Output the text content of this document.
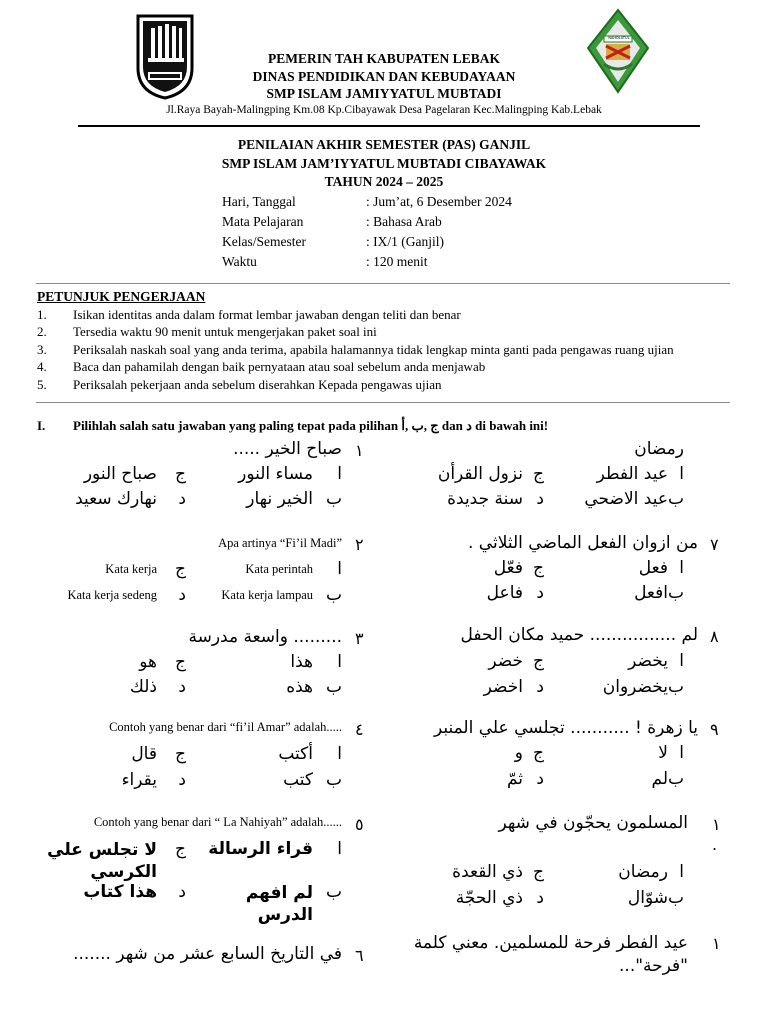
NAHDLATUL
PEMERIN TAH KABUPATEN LEBAK
DINAS PENDIDIKAN DAN KEBUDAYAAN
SMP ISLAM JAMIYYATUL MUBTADI
Jl.Raya Bayah-Malingping Km.08 Kp.Cibayawak Desa Pagelaran Kec.Malingping Kab.Lebak
PENILAIAN AKHIR SEMESTER (PAS) GANJIL
SMP ISLAM JAM’IYYATUL MUBTADI CIBAYAWAK
TAHUN 2024 – 2025
Hari, Tanggal	: Jum’at, 6 Desember 2024
Mata Pelajaran	: Bahasa Arab
Kelas/Semester	: IX/1 (Ganjil)
Waktu	: 120 menit
PETUNJUK PENGERJAAN
1. Isikan identitas anda dalam format lembar jawaban dengan teliti dan benar
2. Tersedia waktu 90 menit untuk mengerjakan paket soal ini
3. Periksalah naskah soal yang anda terima, apabila halamannya tidak lengkap minta ganti pada pengawas ruang ujian
4. Baca dan pahamilah dengan baik pernyataan atau soal sebelum anda menjawab
5. Periksalah pekerjaan anda sebelum diserahkan Kepada pengawas ujian
I. Pilihlah salah satu jawaban yang paling tepat pada pilihan ج ,ب ,أ dan د di bawah ini!
١
صباح الخير .....
ا
مساء النور
ب
الخير نهار
ج
صباح النور
د
نهارك سعيد
٢
Apa artinya “Fi’il Madi”
ا
Kata perintah
ب
Kata kerja lampau
ج
Kata kerja
د
Kata kerja sedeng
٣
......... واسعة مدرسة
ا
هذا
ب
هذه
ج
هو
د
ذلك
٤
Contoh yang benar dari “fi’il Amar” adalah.....
ا
أكتب
ب
كتب
ج
قال
د
يقراء
٥
Contoh yang benar dari “ La Nahiyah” adalah......
ا
قراء الرسالة
ب
لم افهم الدرس
ج
لا تجلس علي الكرسي
د
هذا كتاب
٦
في التاريخ السابع عشر من شهر .......
رمضان
ا
عيد الفطر
ب
عيد الاضحي
ج
نزول القرأن
د
سنة جديدة
٧
من ازوان الفعل الماضي الثلاثي .
ا
فعل
ب
افعل
ج
فعّل
د
فاعل
٨
لم ................ حميد مكان الحفل
ا
يخضر
ب
يخضروان
ج
خضر
د
اخضر
٩
يا زهرة ! ........... تجلسي علي المنبر
ا
لا
ب
لم
ج
و
د
ثمّ
١
.
المسلمون يحجّون في شهر
ا
رمضان
ب
شوّال
ج
ذي القعدة
د
ذي الحجّة
١
عيد الفطر فرحة للمسلمين. معني كلمة "فرحة"...
